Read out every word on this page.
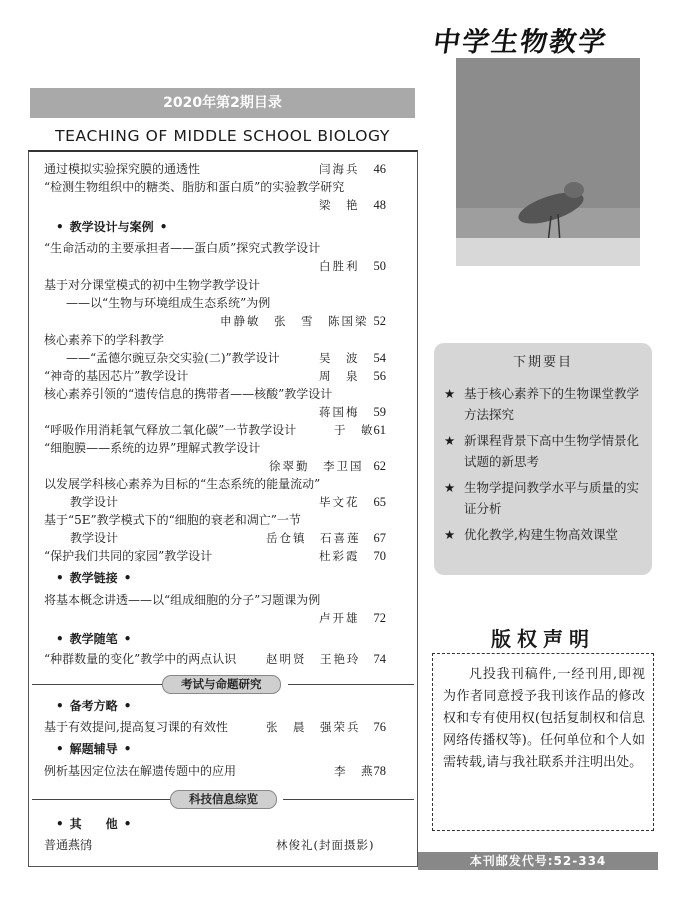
2020年第2期目录
TEACHING OF MIDDLE SCHOOL BIOLOGY
通过模拟实验探究膜的通透性	闫海兵	46
“检测生物组织中的糖类、脂肪和蛋白质”的实验教学研究
梁　艳	48
• 教学设计与案例 •
“生命活动的主要承担者——蛋白质”探究式教学设计
白胜利	50
基于对分课堂模式的初中生物学教学设计
——以“生物与环境组成生态系统”为例
申静敏　张　雪　陈国梁 52
核心素养下的学科教学
——“孟德尔豌豆杂交实验(二)”教学设计	吴　波	54
“神奇的基因芯片”教学设计	周　泉	56
核心素养引领的“遗传信息的携带者——核酸”教学设计
蒋国梅	59
“呼吸作用消耗氧气释放二氧化碳”一节教学设计	于　敏 61
“细胞膜——系统的边界”理解式教学设计
徐翠勤　李卫国 62
以发展学科核心素养为目标的“生态系统的能量流动”
教学设计	毕文花	65
基于“5E”教学模式下的“细胞的衰老和凋亡”一节
教学设计	岳仓镇　石喜莲	67
“保护我们共同的家园”教学设计	杜彩霞	70
• 教学链接 •
将基本概念讲透——以“组成细胞的分子”习题课为例
卢开雄	72
• 教学随笔 •
“种群数量的变化”教学中的两点认识	赵明贤　王艳玲	74
考试与命题研究
• 备考方略 •
基于有效提问,提高复习课的有效性	张　晨　强荣兵	76
• 解题辅导 •
例析基因定位法在解遗传题中的应用	李　燕 78
科技信息综览
• 其　　他 •
普通燕鸻	林俊礼(封面摄影)
中学生物教学
下期要目
★ 基于核心素养下的生物课堂教学方法探究
★ 新课程背景下高中生物学情景化试题的新思考
★ 生物学提问教学水平与质量的实证分析
★ 优化教学,构建生物高效课堂
版权声明
凡投我刊稿件,一经刊用,即视为作者同意授予我刊该作品的修改权和专有使用权(包括复制权和信息网络传播权等)。任何单位和个人如需转载,请与我社联系并注明出处。
本刊邮发代号:52-334
